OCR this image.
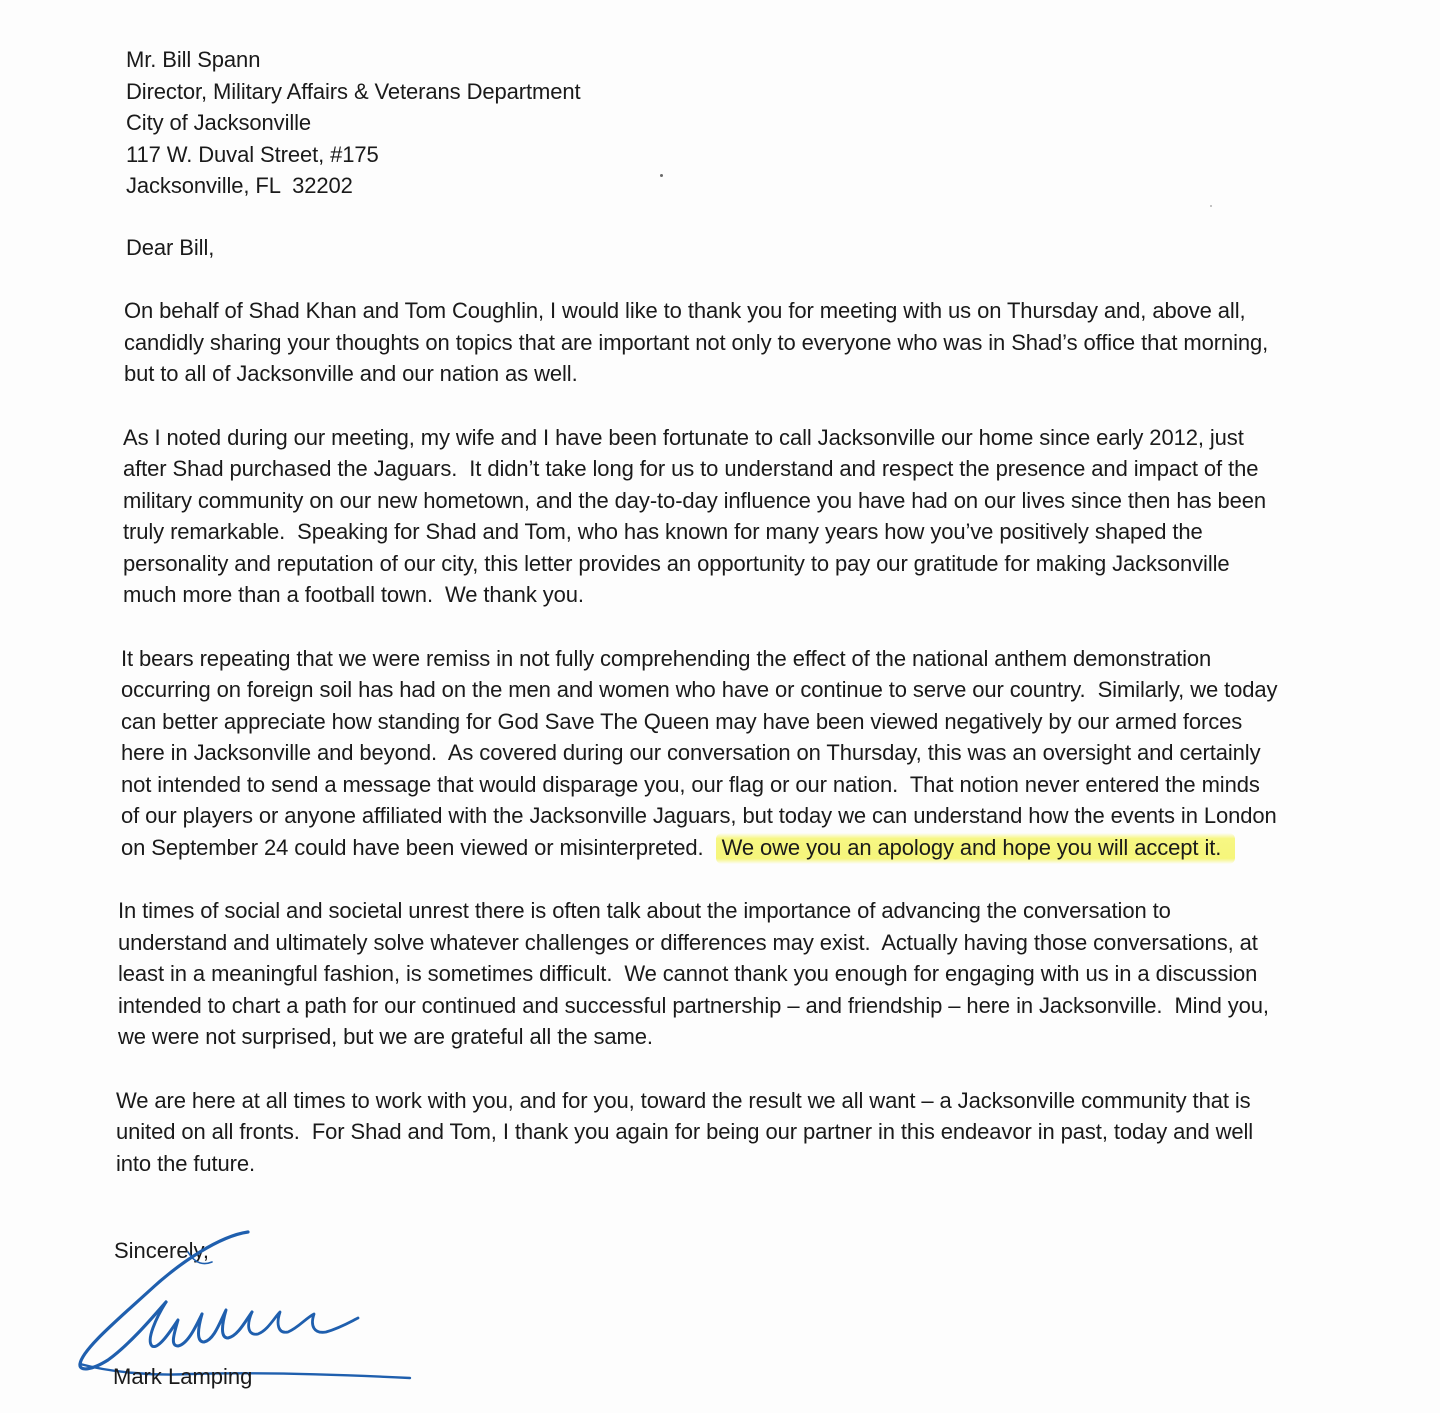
Mr. Bill Spann
Director, Military Affairs & Veterans Department
City of Jacksonville
117 W. Duval Street, #175
Jacksonville, FL  32202
Dear Bill,
On behalf of Shad Khan and Tom Coughlin, I would like to thank you for meeting with us on Thursday and, above all, candidly sharing your thoughts on topics that are important not only to everyone who was in Shad’s office that morning, but to all of Jacksonville and our nation as well.
As I noted during our meeting, my wife and I have been fortunate to call Jacksonville our home since early 2012, just after Shad purchased the Jaguars.  It didn’t take long for us to understand and respect the presence and impact of the military community on our new hometown, and the day-to-day influence you have had on our lives since then has been truly remarkable.  Speaking for Shad and Tom, who has known for many years how you’ve positively shaped the personality and reputation of our city, this letter provides an opportunity to pay our gratitude for making Jacksonville much more than a football town.  We thank you.
It bears repeating that we were remiss in not fully comprehending the effect of the national anthem demonstration occurring on foreign soil has had on the men and women who have or continue to serve our country.  Similarly, we today can better appreciate how standing for God Save The Queen may have been viewed negatively by our armed forces here in Jacksonville and beyond.  As covered during our conversation on Thursday, this was an oversight and certainly not intended to send a message that would disparage you, our flag or our nation.  That notion never entered the minds of our players or anyone affiliated with the Jacksonville Jaguars, but today we can understand how the events in London on September 24 could have been viewed or misinterpreted. We owe you an apology and hope you will accept it.
In times of social and societal unrest there is often talk about the importance of advancing the conversation to understand and ultimately solve whatever challenges or differences may exist.  Actually having those conversations, at least in a meaningful fashion, is sometimes difficult.  We cannot thank you enough for engaging with us in a discussion intended to chart a path for our continued and successful partnership – and friendship – here in Jacksonville.  Mind you, we were not surprised, but we are grateful all the same.
We are here at all times to work with you, and for you, toward the result we all want – a Jacksonville community that is united on all fronts.  For Shad and Tom, I thank you again for being our partner in this endeavor in past, today and well into the future.
Sincerely,
Mark Lamping
